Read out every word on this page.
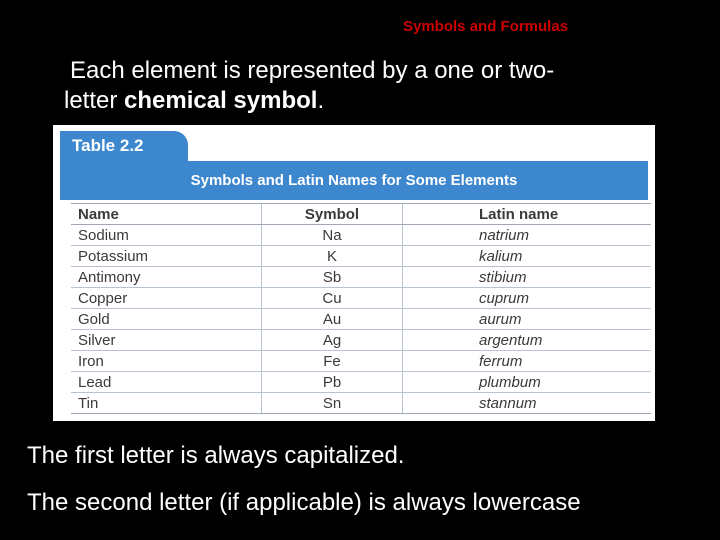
Symbols and Formulas
Each element is represented by a one or two-
letter chemical symbol.
Table 2.2
Symbols and Latin Names for Some Elements
Name	Symbol	Latin name
Sodium	Na	natrium
Potassium	K	kalium
Antimony	Sb	stibium
Copper	Cu	cuprum
Gold	Au	aurum
Silver	Ag	argentum
Iron	Fe	ferrum
Lead	Pb	plumbum
Tin	Sn	stannum
The first letter is always capitalized.
The second letter (if applicable) is always lowercase
